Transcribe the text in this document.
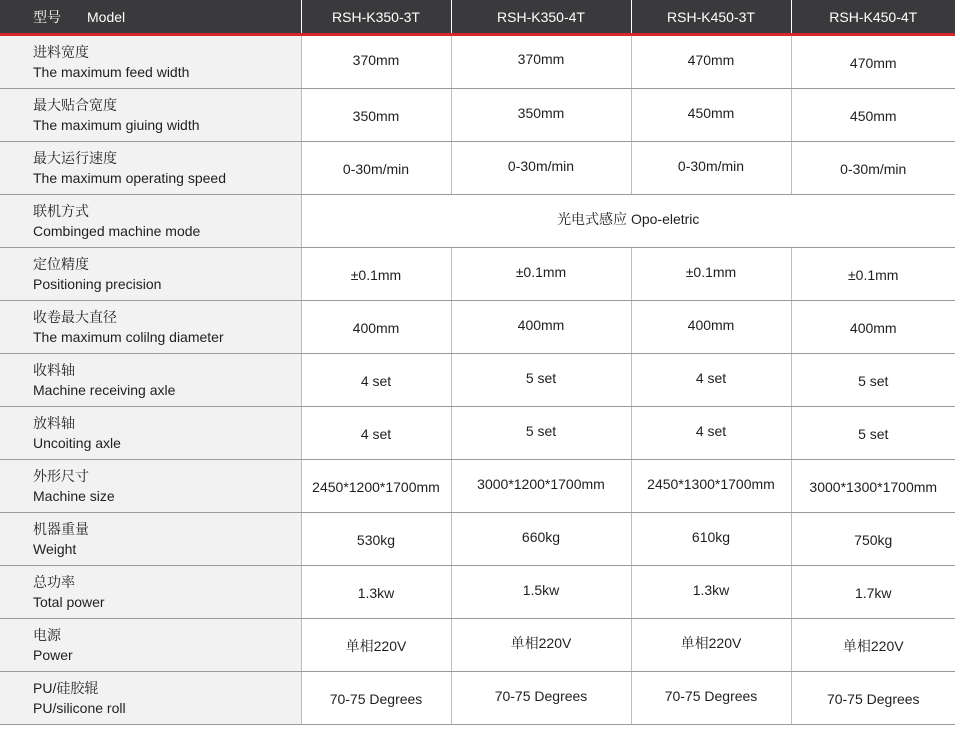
型号 Model	RSH-K350-3T	RSH-K350-4T	RSH-K450-3T	RSH-K450-4T

进料宽度
The maximum feed width	370mm	370mm	470mm	470mm

最大贴合宽度
The maximum giuing width	350mm	350mm	450mm	450mm

最大运行速度
The maximum operating speed	0-30m/min	0-30m/min	0-30m/min	0-30m/min

联机方式
Combinged machine mode	光电式感应 Opo-eletric			

定位精度
Positioning precision	±0.1mm	±0.1mm	±0.1mm	±0.1mm

收卷最大直径
The maximum colilng diameter	400mm	400mm	400mm	400mm

收料轴
Machine receiving axle	4 set	5 set	4 set	5 set

放料轴
Uncoiting axle	4 set	5 set	4 set	5 set

外形尺寸
Machine size	2450*1200*1700mm	3000*1200*1700mm	2450*1300*1700mm	3000*1300*1700mm

机器重量
Weight	530kg	660kg	610kg	750kg

总功率
Total power	1.3kw	1.5kw	1.3kw	1.7kw

电源
Power	单相220V	单相220V	单相220V	单相220V

PU/硅胶辊
PU/silicone roll	70-75 Degrees	70-75 Degrees	70-75 Degrees	70-75 Degrees
